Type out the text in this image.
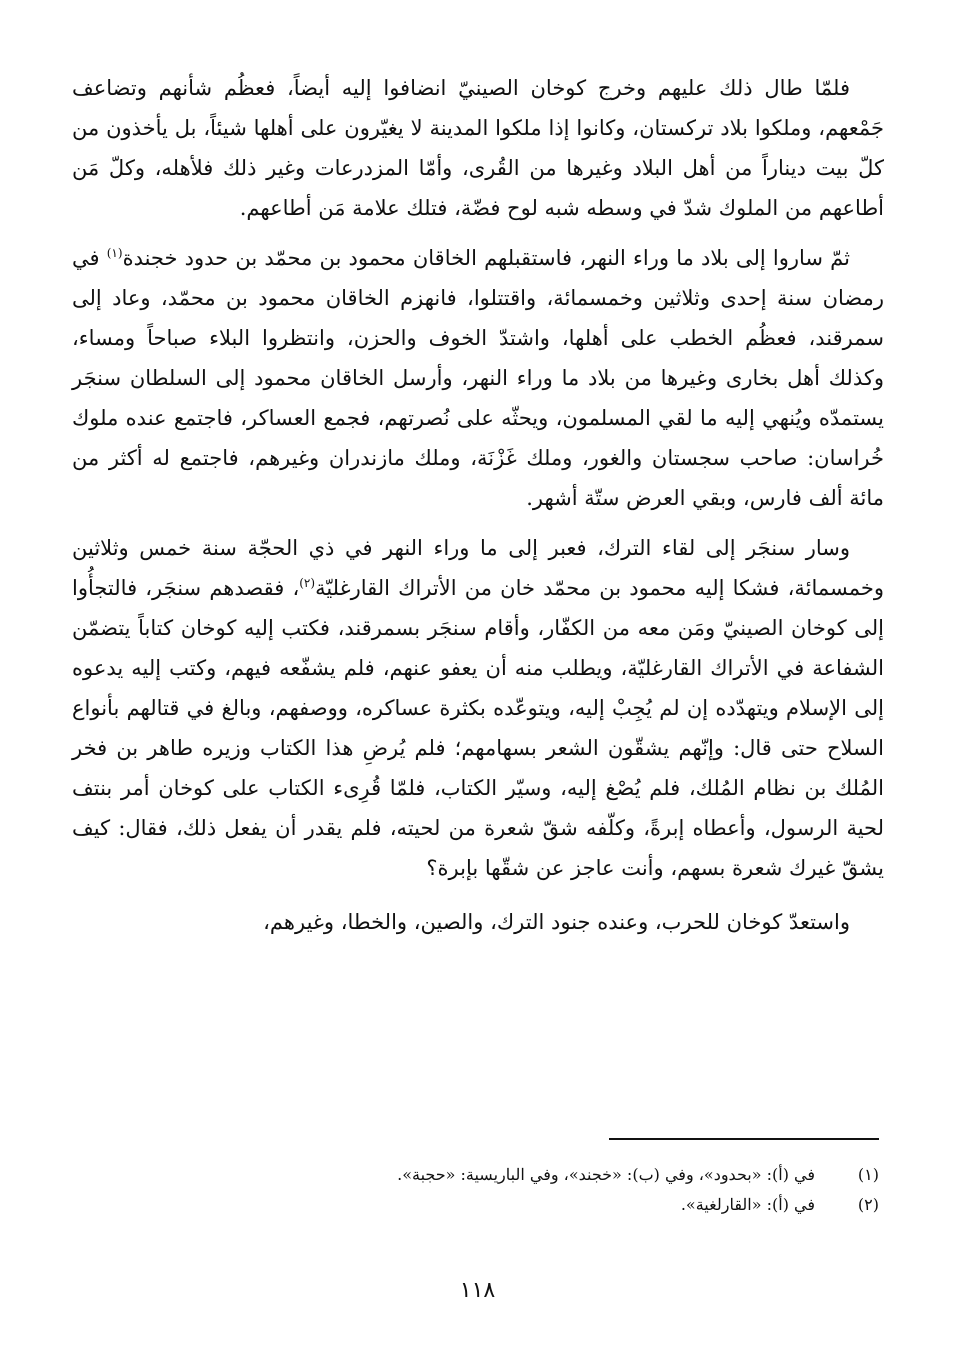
فلمّا طال ذلك عليهم وخرج كوخان الصينيّ انضافوا إليه أيضاً، فعظُم شأنهم وتضاعف جَمْعهم، وملكوا بلاد تركستان، وكانوا إذا ملكوا المدينة لا يغيّرون على أهلها شيئاً، بل يأخذون من كلّ بيت ديناراً من أهل البلاد وغيرها من القُرى، وأمّا المزدرعات وغير ذلك فلأهله، وكلّ مَن أطاعهم من الملوك شدّ في وسطه شبه لوح فضّة، فتلك علامة مَن أطاعهم.

ثمّ ساروا إلى بلاد ما وراء النهر، فاستقبلهم الخاقان محمود بن محمّد بن حدود خجندة$^{(١)}$ في رمضان سنة إحدى وثلاثين وخمسمائة، واقتتلوا، فانهزم الخاقان محمود بن محمّد، وعاد إلى سمرقند، فعظُم الخطب على أهلها، واشتدّ الخوف والحزن، وانتظروا البلاء صباحاً ومساء، وكذلك أهل بخارى وغيرها من بلاد ما وراء النهر، وأرسل الخاقان محمود إلى السلطان سنجَر يستمدّه ويُنهي إليه ما لقي المسلمون، ويحثّه على نُصرتهم، فجمع العساكر، فاجتمع عنده ملوك خُراسان: صاحب سجستان والغور، وملك غَزْنَة، وملك مازندران وغيرهم، فاجتمع له أكثر من مائة ألف فارس، وبقي العرض ستّة أشهر.

وسار سنجَر إلى لقاء الترك، فعبر إلى ما وراء النهر في ذي الحجّة سنة خمس وثلاثين وخمسمائة، فشكا إليه محمود بن محمّد خان من الأتراك القارغليّة$^{(٢)}$، فقصدهم سنجَر، فالتجأُوا إلى كوخان الصينيّ ومَن معه من الكفّار، وأقام سنجَر بسمرقند، فكتب إليه كوخان كتاباً يتضمّن الشفاعة في الأتراك القارغليّة، ويطلب منه أن يعفو عنهم، فلم يشفّعه فيهم، وكتب إليه يدعوه إلى الإسلام ويتهدّده إن لم يُجِبْ إليه، ويتوعّده بكثرة عساكره، ووصفهم، وبالغ في قتالهم بأنواع السلاح حتى قال: وإنّهم يشقّون الشعر بسهامهم؛ فلم يُرضِ هذا الكتاب وزيره طاهر بن فخر المُلك بن نظام المُلك، فلم يُصْغ إليه، وسيّر الكتاب، فلمّا قُرِىء الكتاب على كوخان أمر بنتف لحية الرسول، وأعطاه إبرةً، وكلّفه شقّ شعرة من لحيته، فلم يقدر أن يفعل ذلك، فقال: كيف يشقّ غيرك شعرة بسهم، وأنت عاجز عن شقّها بإبرة؟

واستعدّ كوخان للحرب، وعنده جنود الترك، والصين، والخطا، وغيرهم،

(١)
في (أ): «بحدود»، وفي (ب): «خجند»، وفي الباريسية: «حجبة».
(٢)
في (أ): «القارلغية».
١١٨
